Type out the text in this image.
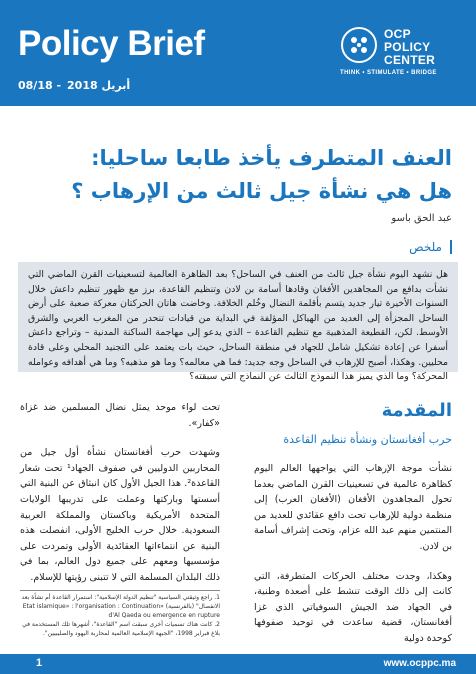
Policy Brief
08/18 - أبريل 2018
OCP POLICY
CENTER
THINK • STIMULATE • BRIDGE
العنف المتطرف يأخذ طابعا ساحليا:
هل هي نشأة جيل ثالث من الإرهاب ؟
عبد الحق باسو
ملخص

هل نشهد اليوم نشأة جيل ثالث من العنف في الساحل؟ بعد الظاهرة العالمية لتسعينيات القرن الماضي التي نشأت بدافع من المجاهدين الأفغان وقادها أسامة بن لادن وتنظيم القاعدة، برز مع ظهور تنظيم داعش خلال السنوات الأخيرة تيار جديد يتسم بأقلمة النضال وخُلم الخلافة. وخاضت هاتان الحركتان معركة صعبة على أرض الساحل المجزأة إلى العديد من الهياكل المؤلفة في البداية من قيادات تنحدر من المغرب العربي والشرق الأوسط. لكن، القطيعة المذهبية مع تنظيم القاعدة – الذي يدعو إلى مهاجمة الساكنة المدنية – وتراجع داعش أسفرا عن إعادة تشكيل شامل للجهاد في منطقة الساحل، حيث بات يعتمد على التجنيد المحلي وعلى قادة محليين. وهكذا، أصبح للإرهاب في الساحل وجه جديد: فما هي معالمه؟ وما هو مذهبه؟ وما هي أهدافه وعوامله المحركة؟ وما الذي يميز هذا النموذج الثالث عن النماذج التي سبقته؟

المقدمة
حرب أفغانستان ونشأة تنظيم القاعدة

نشأت موجة الإرهاب التي يواجهها العالم اليوم كظاهرة عالمية في تسعينيات القرن الماضي بعدما تحول المجاهدون الأفغان (الأفغان العرب) إلى منظمة دولية للإرهاب تحت دافع عقائدي للعديد من المنتمين منهم عبد الله عزام، وتحت إشراف أسامة بن لادن.

وهكذا، وجدت مختلف الحركات المتطرفة، التي كانت إلى ذلك الوقت تنشط على أصعدة وطنية، في الجهاد ضد الجيش السوفياتي الذي غزا أفغانستان، قضية ساعدت في توحيد صفوفها كوحدة دولية

تحت لواء موحد يمثل نضال المسلمين ضد غزاة «كفار».

وشهدت حرب أفغانستان نشأة أول جيل من المحاربين الدوليين في صفوف الجهاد¹ تحت شعار القاعدة². هذا الجيل الأول كان انبثاق عن البنية التي أسستها وباركتها وعملت على تدريبها الولايات المتحدة الأمريكية وباكستان والمملكة العربية السعودية. خلال حرب الخليج الأولى، انفصلت هذه البنية عن انتماءاتها العقائدية الأولى وتمردت على مؤسسيها ومعهم على جميع دول العالم، بما في ذلك البلدان المسلمة التي لا تتبنى رؤيتها للإسلام.

1. راجع وثيقتي السياسية "تنظيم الدولة الإسلامية": استمرار القاعدة أم نشأة بعد الانفصال" (بالفرنسية) «Etat islamique» : l'organisation : Continuation d'Al Qaeda ou emergence en rupture

2. كانت هناك تسميات أخرى سبقت اسم "القاعدة"، أشهرها تلك المستخدمة في بلاغ فبراير 1998، "الجبهة الإسلامية العالمية لمحاربة اليهود والصليبيين".

1	www.ocppc.ma
